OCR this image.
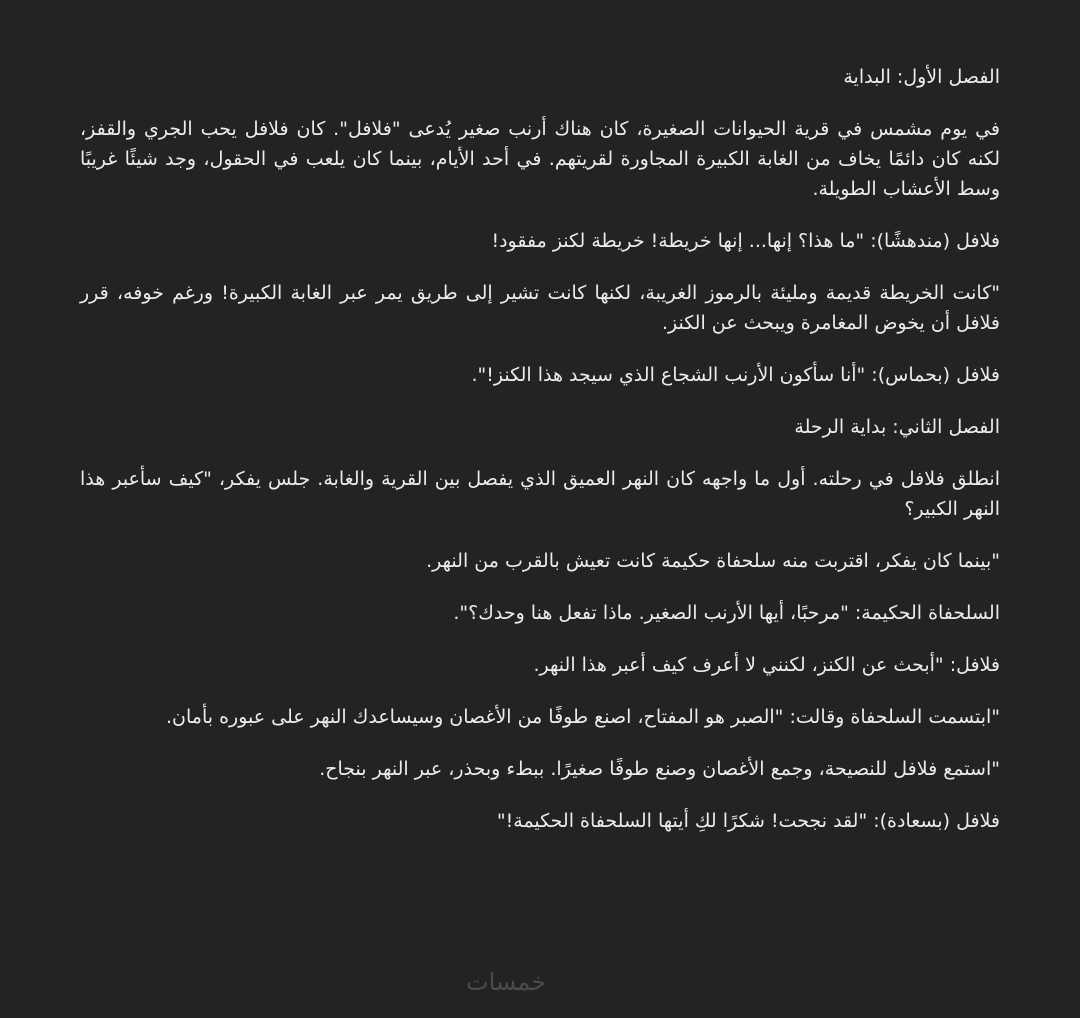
الفصل الأول: البداية

في يوم مشمس في قرية الحيوانات الصغيرة، كان هناك أرنب صغير يُدعى "فلافل". كان فلافل يحب الجري والقفز، لكنه كان دائمًا يخاف من الغابة الكبيرة المجاورة لقريتهم. في أحد الأيام، بينما كان يلعب في الحقول، وجد شيئًا غريبًا وسط الأعشاب الطويلة.

فلافل (مندهشًا): "ما هذا؟ إنها... إنها خريطة! خريطة لكنز مفقود!

"كانت الخريطة قديمة ومليئة بالرموز الغريبة، لكنها كانت تشير إلى طريق يمر عبر الغابة الكبيرة! ورغم خوفه، قرر فلافل أن يخوض المغامرة ويبحث عن الكنز.

فلافل (بحماس): "أنا سأكون الأرنب الشجاع الذي سيجد هذا الكنز!".

الفصل الثاني: بداية الرحلة

انطلق فلافل في رحلته. أول ما واجهه كان النهر العميق الذي يفصل بين القرية والغابة. جلس يفكر، "كيف سأعبر هذا النهر الكبير؟

"بينما كان يفكر، اقتربت منه سلحفاة حكيمة كانت تعيش بالقرب من النهر.

السلحفاة الحكيمة: "مرحبًا، أيها الأرنب الصغير. ماذا تفعل هنا وحدك؟".

فلافل: "أبحث عن الكنز، لكنني لا أعرف كيف أعبر هذا النهر.

"ابتسمت السلحفاة وقالت: "الصبر هو المفتاح، اصنع طوفًا من الأغصان وسيساعدك النهر على عبوره بأمان.

"استمع فلافل للنصيحة، وجمع الأغصان وصنع طوفًا صغيرًا. ببطء وبحذر، عبر النهر بنجاح.

فلافل (بسعادة): "لقد نجحت! شكرًا لكِ أيتها السلحفاة الحكيمة!"

خمسات
